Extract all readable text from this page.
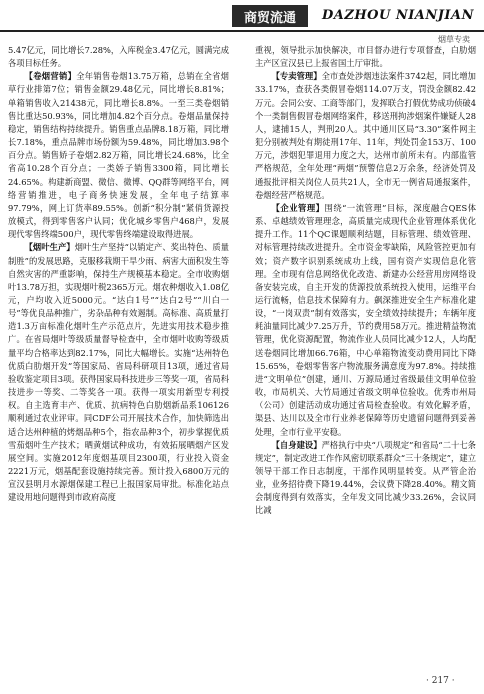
商贸流通	DAZHOU NIANJIAN
烟草专卖

5.47亿元，同比增长7.28%，入库税金3.47亿元，圆满完成各项目标任务。

【卷烟营销】全年销售卷烟13.75万箱，总销在全省烟草行业排第7位；销售金额29.48亿元，同比增长8.81%；单箱销售收入21438元，同比增长8.8%。一至三类卷烟销售比重达50.93%，同比增加4.82个百分点。卷烟品量保持稳定，销售结构持续提升。销售重点品牌8.18万箱，同比增长7.18%，重点品牌市场份额为59.48%，同比增加3.98个百分点。销售娇子卷烟2.82万箱，同比增长24.68%，比全省高10.28个百分点；一类娇子销售3300箱，同比增长24.65%。构建新商盟、微信、微博、QQ群等网络平台，网络营销推进，电子商务快速发展，全年电子结算率97.79%，网上订货率89.55%。创新“积分制”紧俏货源投放模式，得到零售客户认同；优化城乡零售户468户，发展现代零售终端500户，现代零售终端建设取得进展。

【烟叶生产】烟叶生产坚持“以销定产、奖出特色、质量制胜”的发展思路，克服移栽期干旱少雨、病害大面积发生等自然灾害的严重影响，保持生产规模基本稳定。全市收购烟叶13.78万担，实现烟叶税2365万元。烟农种烟收入1.08亿元，户均收入近5000元。“达白1号”“达白2号”“川白一号”等优良品种推广，劣杂品种有效遏制。高标准、高质量打造1.3万亩标准化烟叶生产示范点片，先进实用技术稳步推广。在省局烟叶等级质量督导检查中，全市烟叶收购等级质量平均合格率达到82.17%，同比大幅增长。实施“达州特色优质白肋烟开发”等国家局、省局科研项目13项，通过省局验收鉴定项目3项。获得国家局科技进步三等奖一项，省局科技进步一等奖、二等奖各一项。获得一项实用新型专利授权。自主选育丰产、优质、抗病特色白肋烟新品系106126顺利通过农业评审。同CDF公司开展技术合作，加快筛选出适合达州种植的烤烟品种5个，指农品种3个，初步掌握优质雪茄烟叶生产技术；晒黄烟试种成功，有效拓展晒烟产区发展空间。实施2012年度烟基项目2300项，行业投入资金2221万元，烟基配套设施持续完善。预计投入6800万元的宣汉县明月水源烟保建工程已上报国家局审批。标准化站点建设用地问题得到市政府高度

重视，领导批示加快解决，市目督办进行专项督查，白肋烟主产区宣汉县已上报省国土厅审批。

【专卖管理】全市查处涉烟违法案件3742起，同比增加33.17%，查获各类假冒卷烟114.07万支，罚没金额82.42万元。会同公安、工商等部门，发挥联合打假优势成功侦破4个一类制售假冒卷烟网络案件，移送刑拘涉烟案件嫌疑人28人，逮捕15人，判刑20人。其中通川区局“3.30”案件网主犯分别被判处有期徒刑17年、11年，判处罚金153万、100万元，涉烟犯罪退用力度之大，达州市前所未有。内部监管严格规范，全年处理“两烟”预警信息2万余条，经济处罚及通报批评相关岗位人员共21人，全市无一例省局通报案件，卷烟经营严格规范。

【企业管理】围绕“一流管理”目标，深度融合QES体系、卓越绩效管理理念，高质量完成现代企业管理体系优化提升工作。11个QC课题顺利结题，目标管理、绩效管理、对标管理持续改进提升。全市资金零缺陷，风险管控更加有效；资产数字识别系统成功上线，国有资产实现信息化管理。全市现有信息网络优化改造、新建办公经营用房网络设备安装完成，自主开发的货源投放系统投入使用，运维平台运行流畅，信息技术保障有力。飙深推进安全生产标准化建设，“一岗双责”制有效落实，安全绩效持续提升；车辆年度耗油量同比减少7.25万升，节约费用58万元。推进精益物流管理，优化资源配置，物流作业人员同比减少12人，人均配送卷烟同比增加66.76箱，中心单箱物流变动费用同比下降15.65%，卷烟零售客户物流服务满意度为97.8%。持续推进“文明单位”创建，通川、万源局通过省级最佳文明单位验收，市局机关、大竹局通过省级文明单位验收。优秀市州局（公司）创建活动成功通过省局检查验收。有效化解矛盾，渠县、达川以及全市行业养老保障等历史遗留问题得到妥善处理，全市行业平安稳。

【自身建设】严格执行中央“八项规定”和省局“二十七条规定”，制定改进工作作风密切联系群众“三十条规定”，建立领导干部工作日志制度，干部作风明显转变。从严管企治业，业务招待费下降19.44%，会议费下降28.40%。精文简会制度得到有效落实，全年发文同比减少33.26%，会议同比减

· 217 ·
